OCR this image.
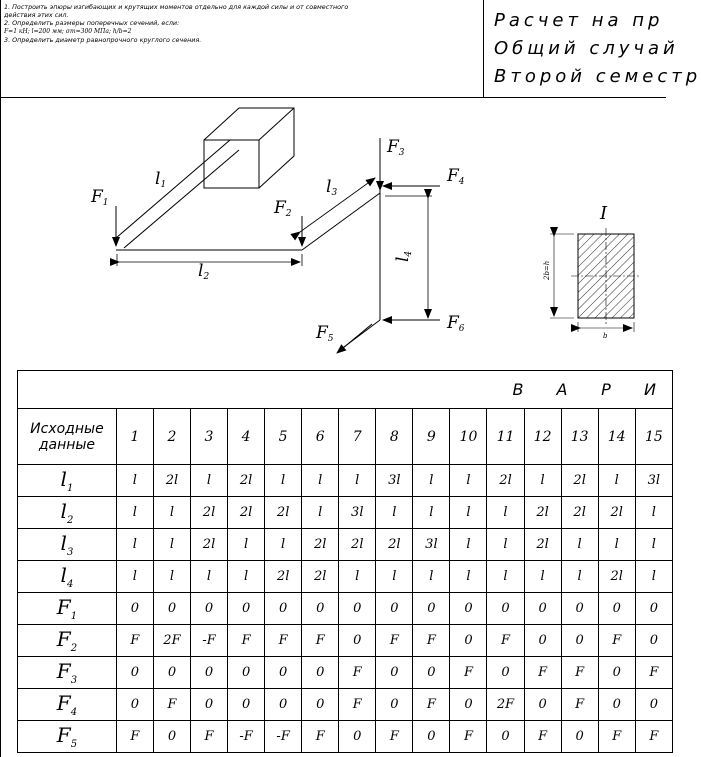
1. Построить эпюры изгибающих и крутящих моментов отдельно для каждой силы и от совместного
действия этих сил.
2. Определить размеры поперечных сечений, если:
F=1 кН; l=200 мм; σт=300 МПа; h/b=2
3. Определить диаметр равнопрочного круглого сечения.
Расчет на пр
Общий случай
Второй семестр
F1
l1
l2
F2
l3
F3
F4
l4
F5
F6
I
2b=h
b
В А Р И															

Исходные
данные	1	2	3	4	5	6	7	8	9	10	11	12	13	14	15
$l_1$	l	2l	l	2l	l	l	l	3l	l	l	2l	l	2l	l	3l
$l_2$	l	l	2l	2l	2l	l	3l	l	l	l	l	2l	2l	2l	l
$l_3$	l	l	2l	l	l	2l	2l	2l	3l	l	l	2l	l	l	l
$l_4$	l	l	l	l	2l	2l	l	l	l	l	l	l	l	2l	l
$F_1$	0	0	0	0	0	0	0	0	0	0	0	0	0	0	0
$F_2$	F	2F	-F	F	F	F	0	F	F	0	F	0	0	F	0
$F_3$	0	0	0	0	0	0	F	0	0	F	0	F	F	0	F
$F_4$	0	F	0	0	0	0	F	0	F	0	2F	0	F	0	0
$F_5$	F	0	F	-F	-F	F	0	F	0	F	0	F	0	F	F
